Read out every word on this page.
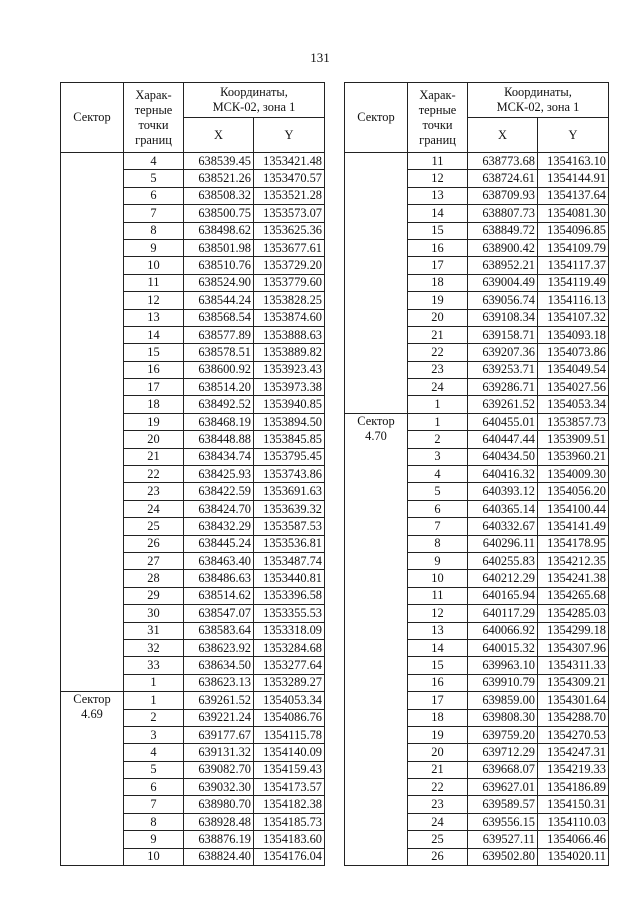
131
Сектор	Харак-
терные
точки
границ	Координаты,
МСК-02, зона 1	
		X	Y

	4	638539.45	1353421.48
	5	638521.26	1353470.57
	6	638508.32	1353521.28
	7	638500.75	1353573.07
	8	638498.62	1353625.36
	9	638501.98	1353677.61
	10	638510.76	1353729.20
	11	638524.90	1353779.60
	12	638544.24	1353828.25
	13	638568.54	1353874.60
	14	638577.89	1353888.63
	15	638578.51	1353889.82
	16	638600.92	1353923.43
	17	638514.20	1353973.38
	18	638492.52	1353940.85
	19	638468.19	1353894.50
	20	638448.88	1353845.85
	21	638434.74	1353795.45
	22	638425.93	1353743.86
	23	638422.59	1353691.63
	24	638424.70	1353639.32
	25	638432.29	1353587.53
	26	638445.24	1353536.81
	27	638463.40	1353487.74
	28	638486.63	1353440.81
	29	638514.62	1353396.58
	30	638547.07	1353355.53
	31	638583.64	1353318.09
	32	638623.92	1353284.68
	33	638634.50	1353277.64
	1	638623.13	1353289.27
Сектор
4.69	1	639261.52	1354053.34
	2	639221.24	1354086.76
	3	639177.67	1354115.78
	4	639131.32	1354140.09
	5	639082.70	1354159.43
	6	639032.30	1354173.57
	7	638980.70	1354182.38
	8	638928.48	1354185.73
	9	638876.19	1354183.60
	10	638824.40	1354176.04
Сектор	Харак-
терные
точки
границ	Координаты,
МСК-02, зона 1	
		X	Y

	11	638773.68	1354163.10
	12	638724.61	1354144.91
	13	638709.93	1354137.64
	14	638807.73	1354081.30
	15	638849.72	1354096.85
	16	638900.42	1354109.79
	17	638952.21	1354117.37
	18	639004.49	1354119.49
	19	639056.74	1354116.13
	20	639108.34	1354107.32
	21	639158.71	1354093.18
	22	639207.36	1354073.86
	23	639253.71	1354049.54
	24	639286.71	1354027.56
	1	639261.52	1354053.34
Сектор
4.70	1	640455.01	1353857.73
	2	640447.44	1353909.51
	3	640434.50	1353960.21
	4	640416.32	1354009.30
	5	640393.12	1354056.20
	6	640365.14	1354100.44
	7	640332.67	1354141.49
	8	640296.11	1354178.95
	9	640255.83	1354212.35
	10	640212.29	1354241.38
	11	640165.94	1354265.68
	12	640117.29	1354285.03
	13	640066.92	1354299.18
	14	640015.32	1354307.96
	15	639963.10	1354311.33
	16	639910.79	1354309.21
	17	639859.00	1354301.64
	18	639808.30	1354288.70
	19	639759.20	1354270.53
	20	639712.29	1354247.31
	21	639668.07	1354219.33
	22	639627.01	1354186.89
	23	639589.57	1354150.31
	24	639556.15	1354110.03
	25	639527.11	1354066.46
	26	639502.80	1354020.11
